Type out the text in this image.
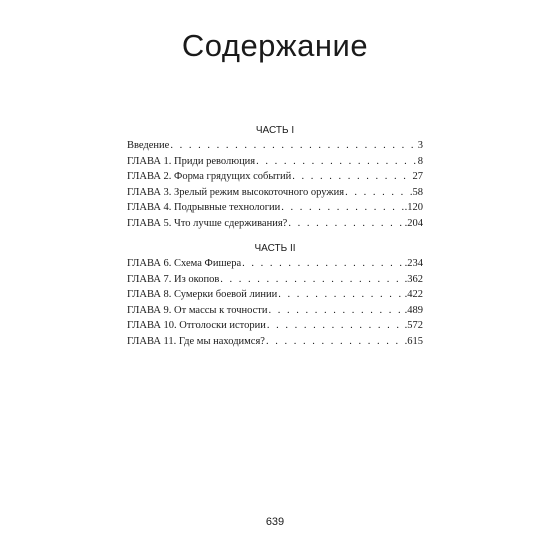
Содержание
ЧАСТЬ I
Введение . . .	3
ГЛАВА 1. Приди революция . . .	8
ГЛАВА 2. Форма грядущих событий . . .	27
ГЛАВА 3. Зрелый режим высокоточного оружия . . .	58
ГЛАВА 4. Подрывные технологии . . .	.120
ГЛАВА 5. Что лучше сдерживания? . . .	.204
ЧАСТЬ II
ГЛАВА 6. Схема Фишера . . .	.234
ГЛАВА 7. Из окопов . . .	.362
ГЛАВА 8. Сумерки боевой линии . . .	.422
ГЛАВА 9. От массы к точности . . .	.489
ГЛАВА 10. Отголоски истории . . .	.572
ГЛАВА 11. Где мы находимся? . . .	.615
639
